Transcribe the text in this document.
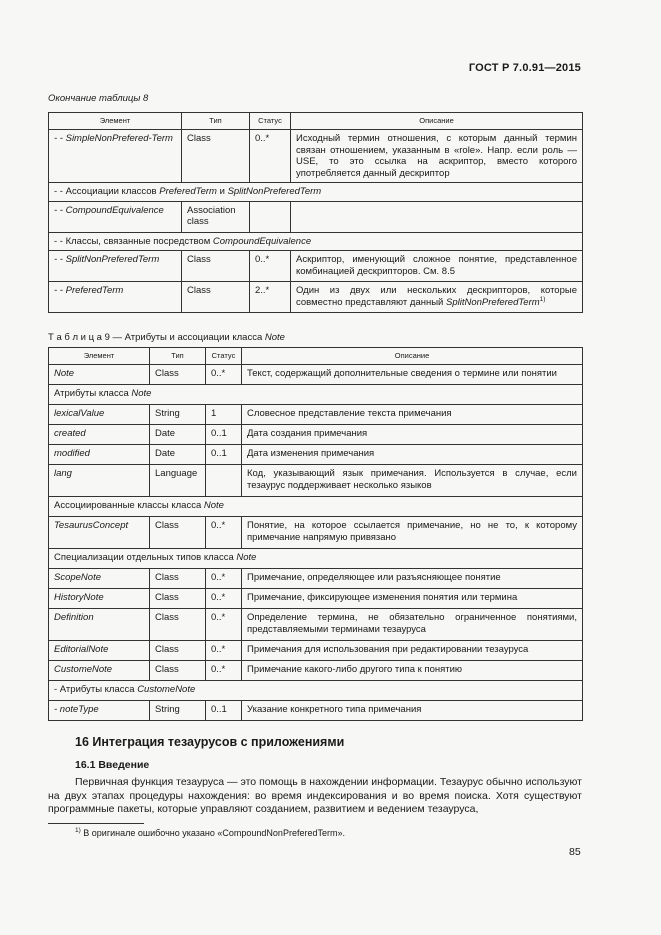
ГОСТ Р 7.0.91—2015
Окончание таблицы 8
Элемент	Тип	Статус	Описание
- - SimpleNonPrefered-Term	Class	0..*	Исходный термин отношения, с которым данный термин связан отношением, указанным в «role». Напр. если роль — USE, то это ссылка на аскриптор, вместо которого употребляется данный дескриптор
- - Ассоциации классов PreferedTerm и SplitNonPreferedTerm			
- - CompoundEquivalence	Association class		
- - Классы, связанные посредством CompoundEquivalence			
- - SplitNonPreferedTerm	Class	0..*	Аскриптор, именующий сложное понятие, представленное комбинацией дескрипторов. См. 8.5
- - PreferedTerm	Class	2..*	Один из двух или нескольких дескрипторов, которые совместно представляют данный SplitNonPreferedTerm$^{1)}$
Т а б л и ц а 9 — Атрибуты и ассоциации класса Note
Элемент	Тип	Статус	Описание
Note	Class	0..*	Текст, содержащий дополнительные сведения о термине или понятии
Атрибуты класса Note			
lexicalValue	String	1	Словесное представление текста примечания
created	Date	0..1	Дата создания примечания
modified	Date	0..1	Дата изменения примечания
lang	Language		Код, указывающий язык примечания. Используется в случае, если тезаурус поддерживает несколько языков
Ассоциированные классы класса Note			
TesaurusConcept	Class	0..*	Понятие, на которое ссылается примечание, но не то, к которому примечание напрямую привязано
Специализации отдельных типов класса Note			
ScopeNote	Class	0..*	Примечание, определяющее или разъясняющее понятие
HistoryNote	Class	0..*	Примечание, фиксирующее изменения понятия или термина
Definition	Class	0..*	Определение термина, не обязательно ограниченное понятиями, представляемыми терминами тезауруса
EditorialNote	Class	0..*	Примечания для использования при редактировании тезауруса
CustomeNote	Class	0..*	Примечание какого-либо другого типа к понятию
- Атрибуты класса CustomeNote			
- noteType	String	0..1	Указание конкретного типа примечания
16 Интеграция тезаурусов с приложениями
16.1 Введение
Первичная функция тезауруса — это помощь в нахождении информации. Тезаурус обычно используют на двух этапах процедуры нахождения: во время индексирования и во время поиска. Хотя существуют программные пакеты, которые управляют созданием, развитием и ведением тезауруса,
$^{1)}$ В оригинале ошибочно указано «CompoundNonPreferedTerm».
85
